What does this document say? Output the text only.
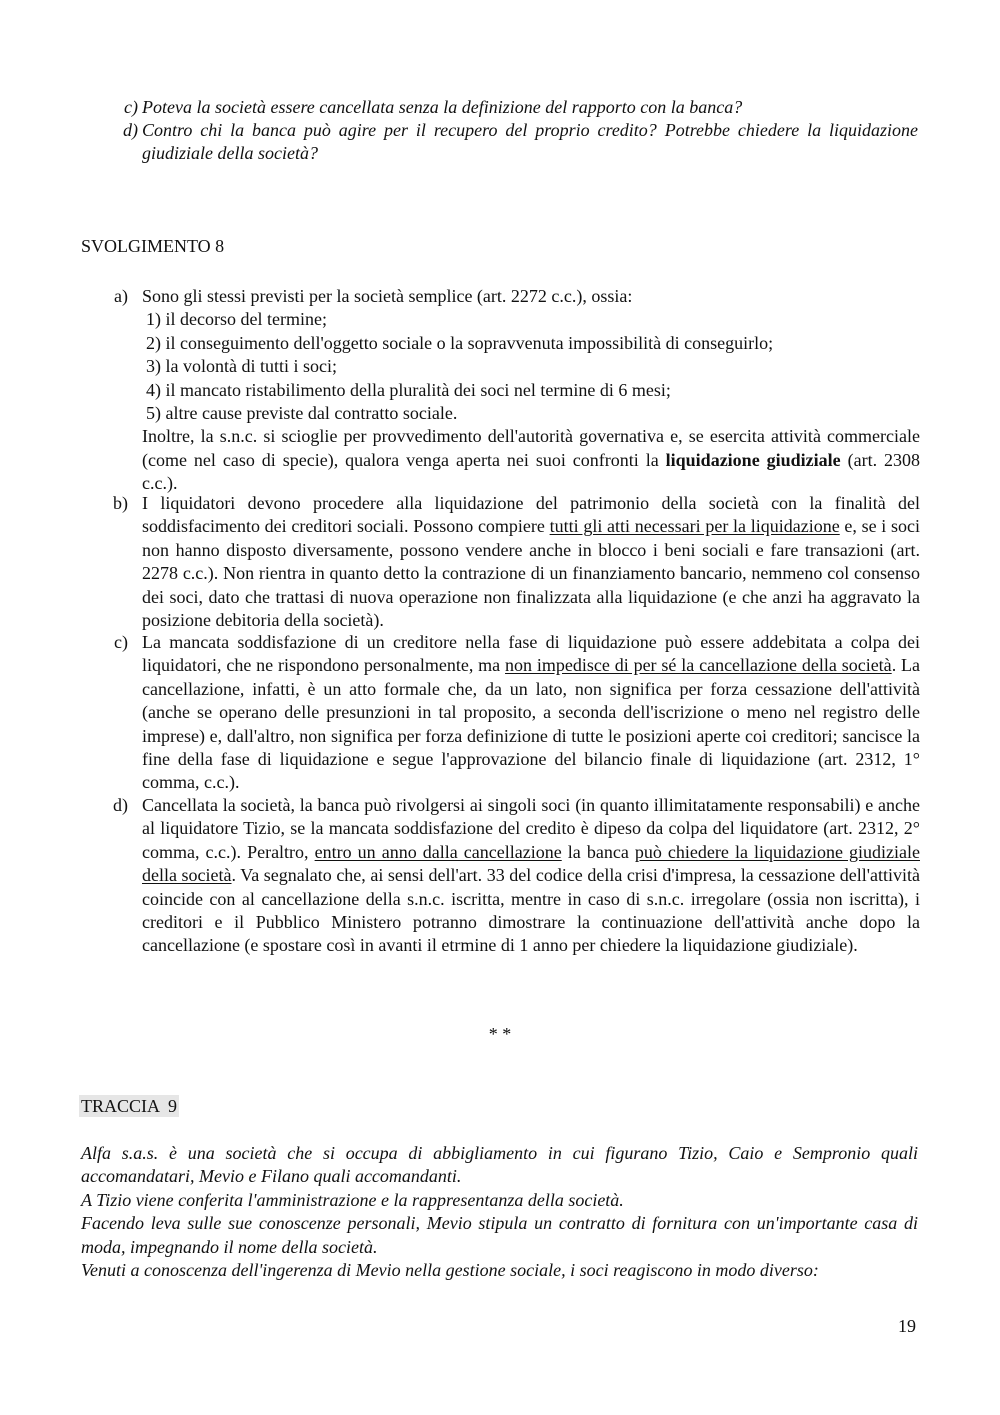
c) Poteva la società essere cancellata senza la definizione del rapporto con la banca?
d) Contro chi la banca può agire per il recupero del proprio credito? Potrebbe chiedere la liquidazione giudiziale della società?
SVOLGIMENTO 8
a) Sono gli stessi previsti per la società semplice (art. 2272 c.c.), ossia:
1) il decorso del termine;
2) il conseguimento dell'oggetto sociale o la sopravvenuta impossibilità di conseguirlo;
3) la volontà di tutti i soci;
4) il mancato ristabilimento della pluralità dei soci nel termine di 6 mesi;
5) altre cause previste dal contratto sociale.
Inoltre, la s.n.c. si scioglie per provvedimento dell'autorità governativa e, se esercita attività commerciale (come nel caso di specie), qualora venga aperta nei suoi confronti la liquidazione giudiziale (art. 2308 c.c.).
b) I liquidatori devono procedere alla liquidazione del patrimonio della società con la finalità del soddisfacimento dei creditori sociali. Possono compiere tutti gli atti necessari per la liquidazione e, se i soci non hanno disposto diversamente, possono vendere anche in blocco i beni sociali e fare transazioni (art. 2278 c.c.). Non rientra in quanto detto la contrazione di un finanziamento bancario, nemmeno col consenso dei soci, dato che trattasi di nuova operazione non finalizzata alla liquidazione (e che anzi ha aggravato la posizione debitoria della società).
c) La mancata soddisfazione di un creditore nella fase di liquidazione può essere addebitata a colpa dei liquidatori, che ne rispondono personalmente, ma non impedisce di per sé la cancellazione della società. La cancellazione, infatti, è un atto formale che, da un lato, non significa per forza cessazione dell'attività (anche se operano delle presunzioni in tal proposito, a seconda dell'iscrizione o meno nel registro delle imprese) e, dall'altro, non significa per forza definizione di tutte le posizioni aperte coi creditori; sancisce la fine della fase di liquidazione e segue l'approvazione del bilancio finale di liquidazione (art. 2312, 1° comma, c.c.).
d) Cancellata la società, la banca può rivolgersi ai singoli soci (in quanto illimitatamente responsabili) e anche al liquidatore Tizio, se la mancata soddisfazione del credito è dipeso da colpa del liquidatore (art. 2312, 2° comma, c.c.). Peraltro, entro un anno dalla cancellazione la banca può chiedere la liquidazione giudiziale della società. Va segnalato che, ai sensi dell'art. 33 del codice della crisi d'impresa, la cessazione dell'attività coincide con al cancellazione della s.n.c. iscritta, mentre in caso di s.n.c. irregolare (ossia non iscritta), i creditori e il Pubblico Ministero potranno dimostrare la continuazione dell'attività anche dopo la cancellazione (e spostare così in avanti il etrmine di 1 anno per chiedere la liquidazione giudiziale).
* *
TRACCIA  9
Alfa s.a.s. è una società che si occupa di abbigliamento in cui figurano Tizio, Caio e Sempronio quali accomandatari, Mevio e Filano quali accomandanti.
A Tizio viene conferita l'amministrazione e la rappresentanza della società.
Facendo leva sulle sue conoscenze personali, Mevio stipula un contratto di fornitura con un'importante casa di moda, impegnando il nome della società.
Venuti a conoscenza dell'ingerenza di Mevio nella gestione sociale, i soci reagiscono in modo diverso:
19
